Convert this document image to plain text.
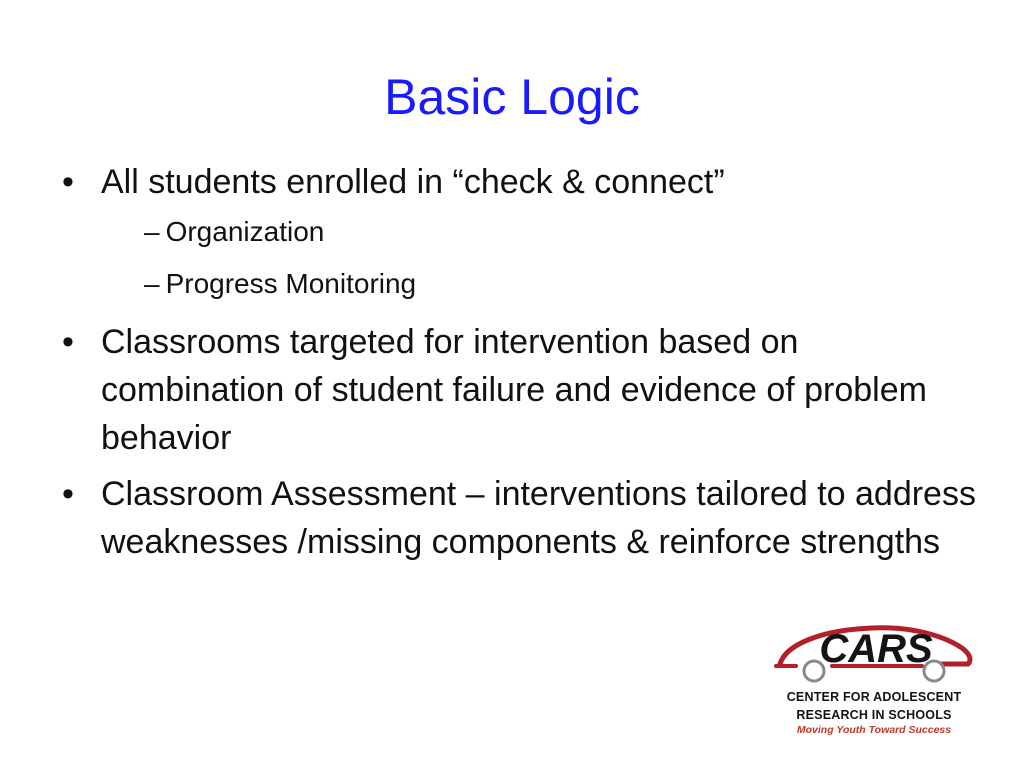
Basic Logic

• All students enrolled in “check & connect”

– Organization

– Progress Monitoring

• Classrooms targeted for intervention based on combination of student failure and evidence of problem behavior

• Classroom Assessment – interventions tailored to address weaknesses /missing components & reinforce strengths

CARS
CENTER FOR ADOLESCENT
RESEARCH IN SCHOOLS
Moving Youth Toward Success
